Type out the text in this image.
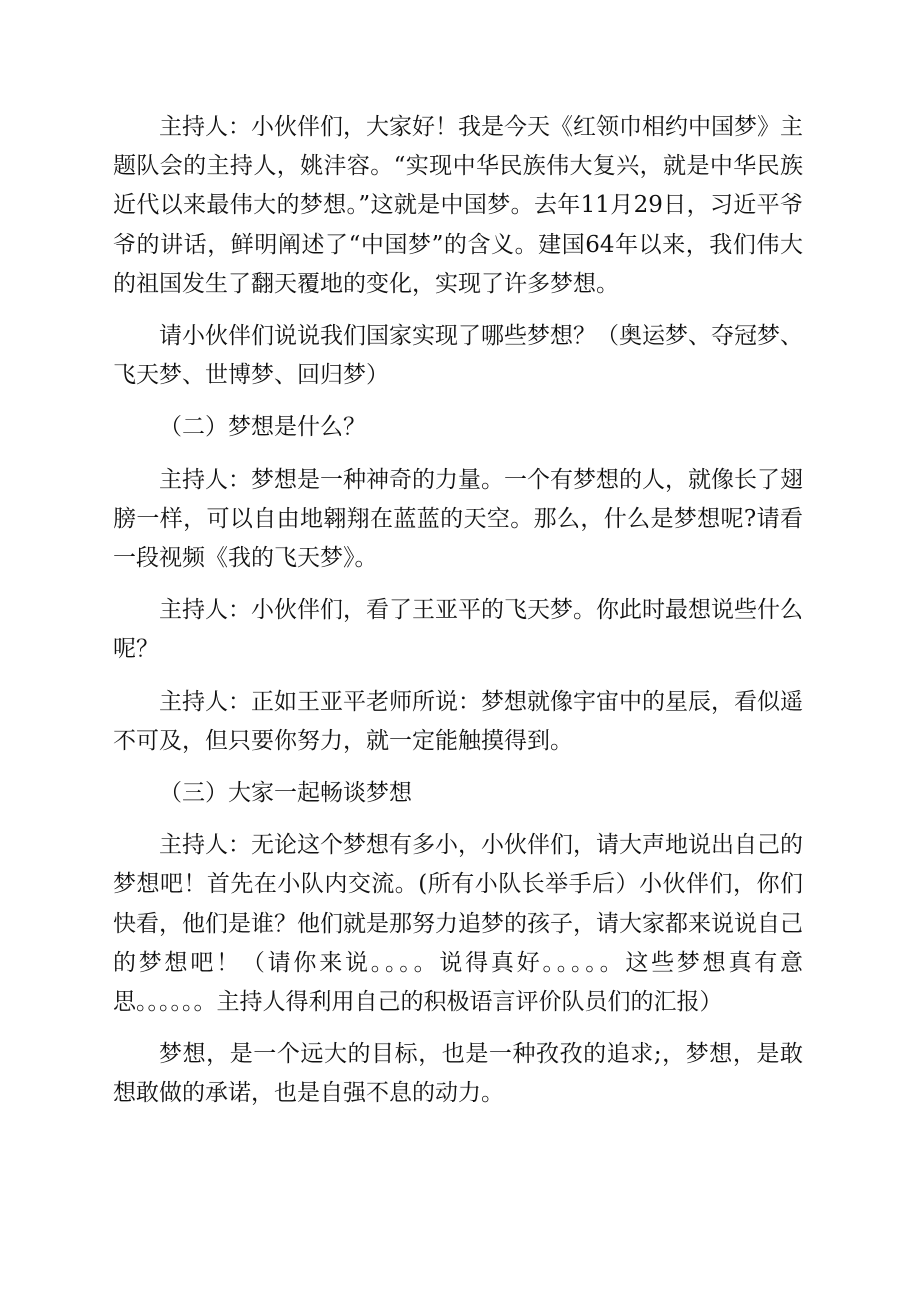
主持人：小伙伴们，大家好！我是今天《红领巾相约中国梦》主题队会的主持人，姚沣容。“实现中华民族伟大复兴，就是中华民族近代以来最伟大的梦想。”这就是中国梦。去年11月29日，习近平爷爷的讲话，鲜明阐述了“中国梦”的含义。建国64年以来，我们伟大的祖国发生了翻天覆地的变化，实现了许多梦想。

请小伙伴们说说我们国家实现了哪些梦想？（奥运梦、夺冠梦、飞天梦、世博梦、回归梦）

（二）梦想是什么？

主持人：梦想是一种神奇的力量。一个有梦想的人，就像长了翅膀一样，可以自由地翱翔在蓝蓝的天空。那么，什么是梦想呢?请看一段视频《我的飞天梦》。

主持人：小伙伴们，看了王亚平的飞天梦。你此时最想说些什么呢？

主持人：正如王亚平老师所说：梦想就像宇宙中的星辰，看似遥不可及，但只要你努力，就一定能触摸得到。

（三）大家一起畅谈梦想

主持人：无论这个梦想有多小，小伙伴们，请大声地说出自己的梦想吧！首先在小队内交流。(所有小队长举手后）小伙伴们，你们快看，他们是谁？他们就是那努力追梦的孩子，请大家都来说说自己的梦想吧！（请你来说。。。。说得真好。。。。。这些梦想真有意思。。。。。。主持人得利用自己的积极语言评价队员们的汇报）

梦想，是一个远大的目标，也是一种孜孜的追求;，梦想，是敢想敢做的承诺，也是自强不息的动力。
